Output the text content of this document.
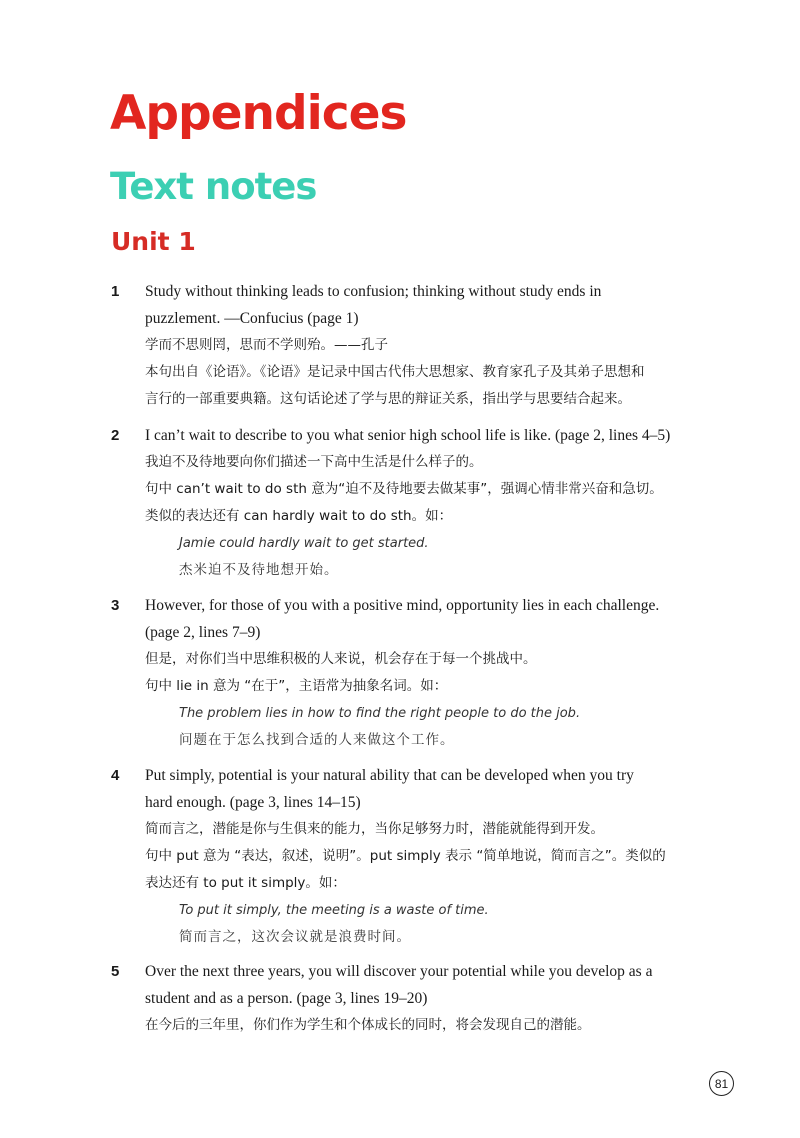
Appendices
Text notes
Unit 1
1 Study without thinking leads to confusion; thinking without study ends in
puzzlement. —Confucius (page 1)
学而不思则罔，思而不学则殆。——孔子
本句出自《论语》。《论语》是记录中国古代伟大思想家、教育家孔子及其弟子思想和
言行的一部重要典籍。这句话论述了学与思的辩证关系，指出学与思要结合起来。
2 I can’t wait to describe to you what senior high school life is like. (page 2, lines 4–5)
我迫不及待地要向你们描述一下高中生活是什么样子的。
句中 can’t wait to do sth 意为“迫不及待地要去做某事”，强调心情非常兴奋和急切。
类似的表达还有 can hardly wait to do sth。如：
Jamie could hardly wait to get started.
杰米迫不及待地想开始。
3 However, for those of you with a positive mind, opportunity lies in each challenge.
(page 2, lines 7–9)
但是，对你们当中思维积极的人来说，机会存在于每一个挑战中。
句中 lie in 意为 “在于”，主语常为抽象名词。如：
The problem lies in how to find the right people to do the job.
问题在于怎么找到合适的人来做这个工作。
4 Put simply, potential is your natural ability that can be developed when you try
hard enough. (page 3, lines 14–15)
简而言之，潜能是你与生俱来的能力，当你足够努力时，潜能就能得到开发。
句中 put 意为 “表达，叙述，说明”。put simply 表示 “简单地说，简而言之”。类似的
表达还有 to put it simply。如：
To put it simply, the meeting is a waste of time.
简而言之，这次会议就是浪费时间。
5 Over the next three years, you will discover your potential while you develop as a
student and as a person. (page 3, lines 19–20)
在今后的三年里，你们作为学生和个体成长的同时，将会发现自己的潜能。
81
